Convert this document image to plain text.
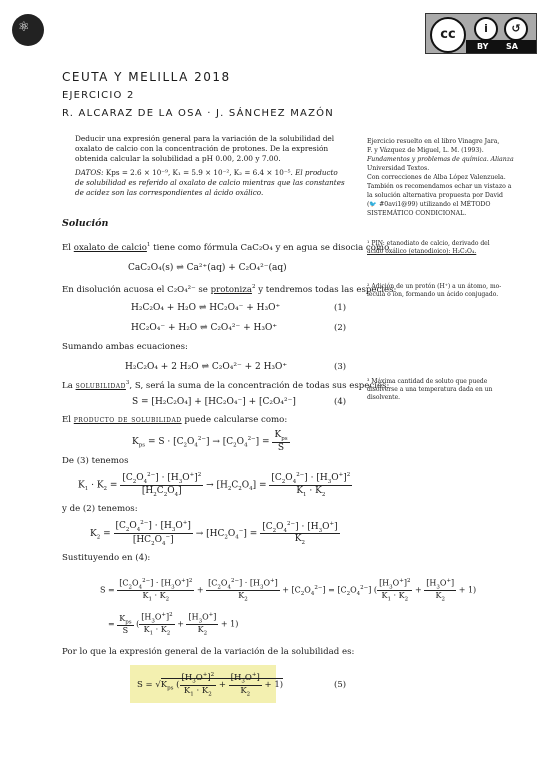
⚛	cc	i	↺
BY SA
CEUTA Y MELILLA 2018
EJERCICIO 2
R. ALCARAZ DE LA OSA · J. SÁNCHEZ MAZÓN
Deducir una expresión general para la variación de la solubilidad del oxalato de calcio con la concentración de protones. De la expresión obtenida calcular la solubilidad a pH 0.00, 2.00 y 7.00.
DATOS: Kps = 2.6 × 10⁻⁹, K₁ = 5.9 × 10⁻², K₂ = 6.4 × 10⁻⁵. El producto de solubilidad es referido al oxalato de calcio mientras que las constantes de acidez son las correspondientes al ácido oxálico.
Ejercicio resuelto en el libro Vinagre Jara,
F. y Vázquez de Miguel, L. M. (1993).
Fundamentos y problemas de química. Alianza
Universidad Textos.
Con correcciones de Alba López Valenzuela.
También os recomendamos echar un vistazo a
la solución alternativa propuesta por David
(🐦 #0avi1@99) utilizando el MÉTODO
SISTEMÁTICO CONDICIONAL.
Solución
El oxalato de calcio$^1$ tiene como fórmula CaC₂O₄ y en agua se disocia como
CaC₂O₄(s) ⇌ Ca²⁺(aq) + C₂O₄²⁻(aq)
¹ PIN: etanodiato de calcio, derivado del
ácido oxálico (etanodioico): H₂C₂O₄.
En disolución acuosa el C₂O₄²⁻ se protoniza$^2$ y tendremos todas las especies:
² Adición de un protón (H⁺) a un átomo, mo-
lécula o ion, formando un ácido conjugado.
H₂C₂O₄ + H₂O ⇌ HC₂O₄⁻ + H₃O⁺	(1)
HC₂O₄⁻ + H₂O ⇌ C₂O₄²⁻ + H₃O⁺	(2)
Sumando ambas ecuaciones:
H₂C₂O₄ + 2 H₂O ⇌ C₂O₄²⁻ + 2 H₃O⁺	(3)
La solubilidad$^3$, S, será la suma de la concentración de todas sus especies:
³ Máxima cantidad de soluto que puede
disolverse a una temperatura dada en un
disolvente.
S = [H₂C₂O₄] + [HC₂O₄⁻] + [C₂O₄²⁻]	(4)
El producto de solubilidad puede calcularse como:
$K_{ps} = S \cdot [C_2O_4^{2-}] \to [C_2O_4^{2-}] = \frac{K_{ps}}{S}$
De (3) tenemos
$K_1 \cdot K_2 = \frac{[C_2O_4^{2-}] \cdot [H_3O^+]^2}{[H_2C_2O_4]} \to [H_2C_2O_4] = \frac{[C_2O_4^{2-}] \cdot [H_3O^+]^2}{K_1 \cdot K_2}$
y de (2) tenemos:
$K_2 = \frac{[C_2O_4^{2-}] \cdot [H_3O^+]}{[HC_2O_4^-]} \to [HC_2O_4^-] = \frac{[C_2O_4^{2-}] \cdot [H_3O^+]}{K_2}$
Sustituyendo en (4):
$S = \frac{[C_2O_4^{2-}] \cdot [H_3O^+]^2}{K_1 \cdot K_2} + \frac{[C_2O_4^{2-}] \cdot [H_3O^+]}{K_2} + [C_2O_4^{2-}] = [C_2O_4^{2-}]$ ( $\frac{[H_3O^+]^2}{K_1 \cdot K_2} + \frac{[H_3O^+]}{K_2} + 1$)
= $\frac{K_{ps}}{S}$ ( $\frac{[H_3O^+]^2}{K_1 \cdot K_2} + \frac{[H_3O^+]}{K_2} + 1$)
Por lo que la expresión general de la variación de la solubilidad es:
$S = √K_{ps}$ ( $\frac{[H_3O^+]^2}{K_1 \cdot K_2} + \frac{[H_3O^+]}{K_2} + 1$)	(5)
